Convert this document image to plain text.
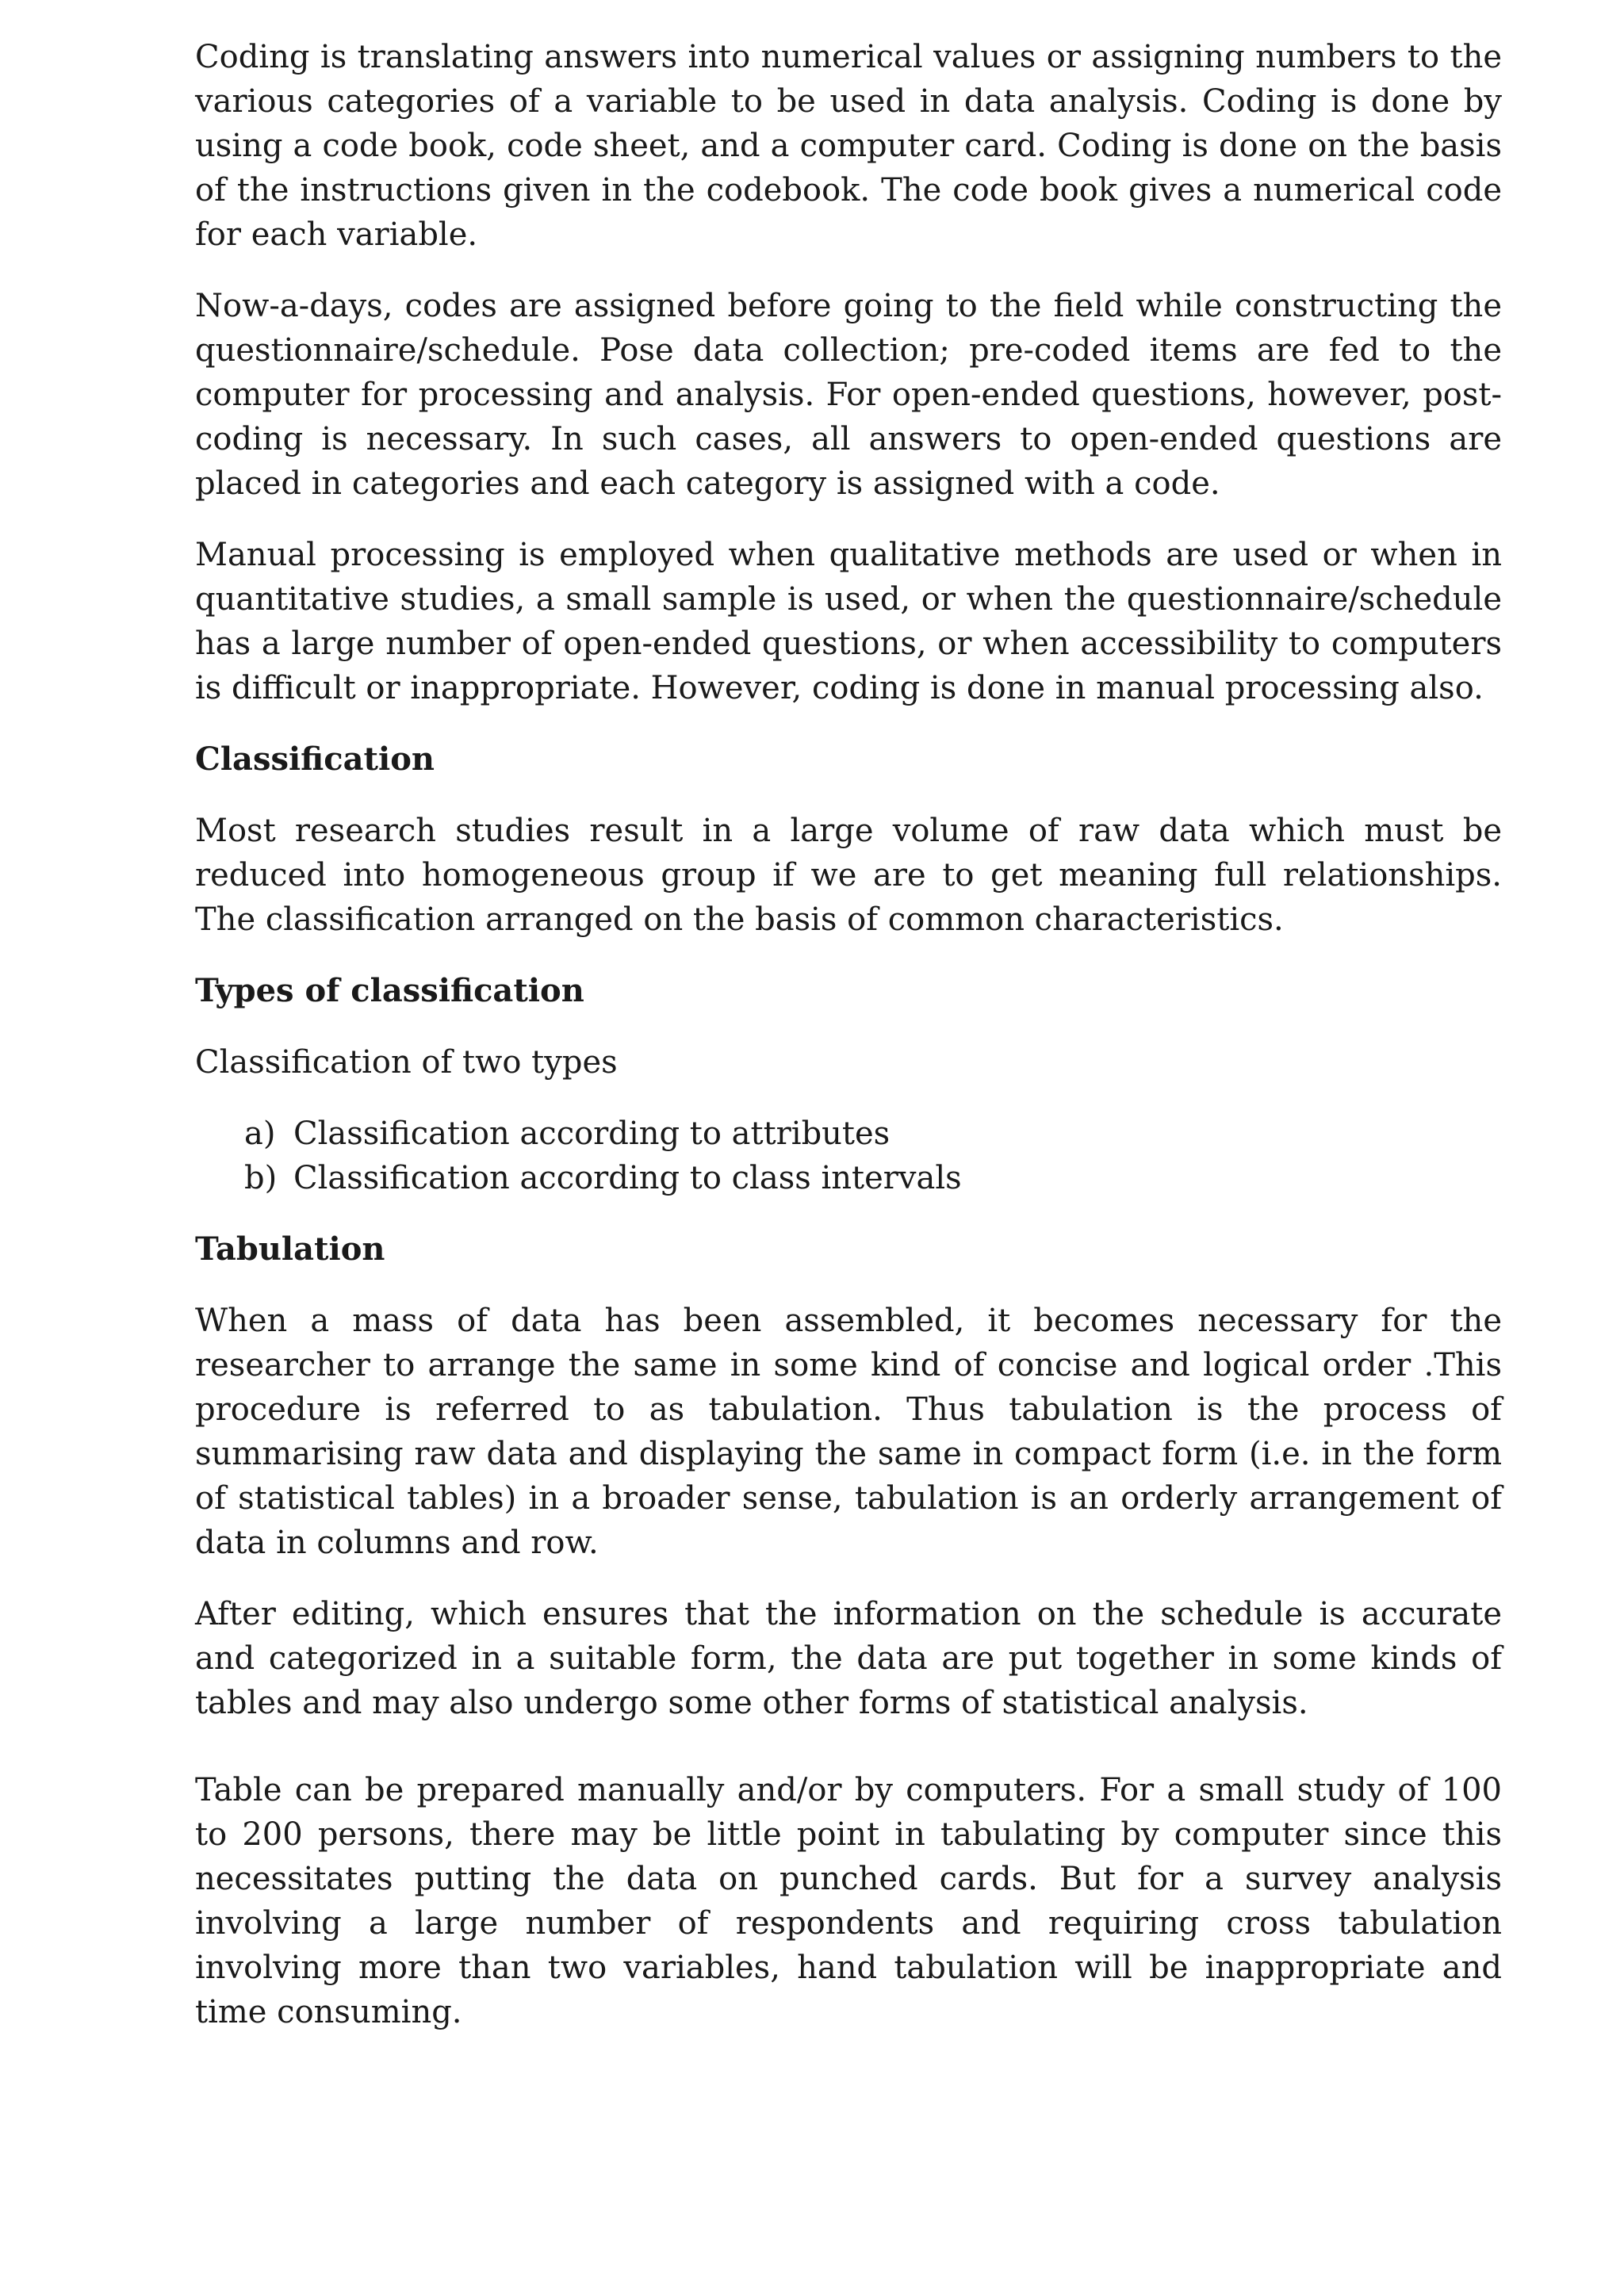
Coding is translating answers into numerical values or assigning numbers to the various categories of a variable to be used in data analysis. Coding is done by using a code book, code sheet, and a computer card. Coding is done on the basis of the instructions given in the codebook. The code book gives a numerical code for each variable.

Now-a-days, codes are assigned before going to the field while constructing the questionnaire/schedule. Pose data collection; pre-coded items are fed to the computer for processing and analysis. For open-ended questions, however, post-coding is necessary. In such cases, all answers to open-ended questions are placed in categories and each category is assigned with a code.

Manual processing is employed when qualitative methods are used or when in quantitative studies, a small sample is used, or when the questionnaire/schedule has a large number of open-ended questions, or when accessibility to computers is difficult or inappropriate. However, coding is done in manual processing also.

Classification

Most research studies result in a large volume of raw data which must be reduced into homogeneous group if we are to get meaning full relationships. The classification arranged on the basis of common characteristics.

Types of classification

Classification of two types

a) Classification according to attributes
b) Classification according to class intervals
Tabulation

When a mass of data has been assembled, it becomes necessary for the researcher to arrange the same in some kind of concise and logical order .This procedure is referred to as tabulation. Thus tabulation is the process of summarising raw data and displaying the same in compact form (i.e. in the form of statistical tables) in a broader sense, tabulation is an orderly arrangement of data in columns and row.

After editing, which ensures that the information on the schedule is accurate and categorized in a suitable form, the data are put together in some kinds of tables and may also undergo some other forms of statistical analysis.

Table can be prepared manually and/or by computers. For a small study of 100 to 200 persons, there may be little point in tabulating by computer since this necessitates putting the data on punched cards. But for a survey analysis involving a large number of respondents and requiring cross tabulation involving more than two variables, hand tabulation will be inappropriate and time consuming.
